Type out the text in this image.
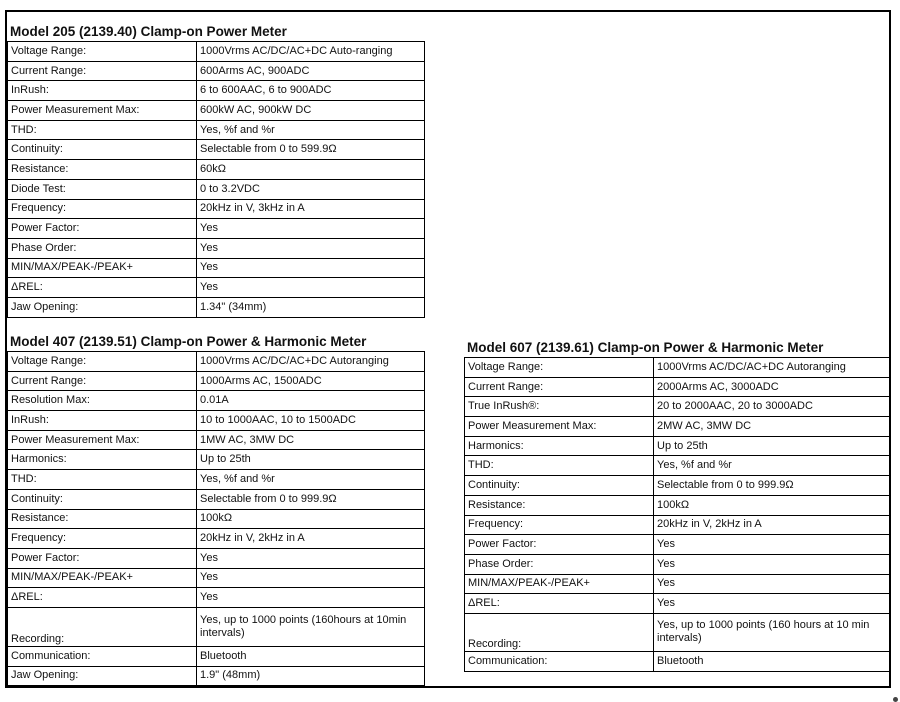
Model 205 (2139.40) Clamp-on Power Meter
Voltage Range:	1000Vrms AC/DC/AC+DC Auto-ranging
Current Range:	600Arms AC, 900ADC
InRush:	6 to 600AAC, 6 to 900ADC
Power Measurement Max:	600kW AC, 900kW DC
THD:	Yes, %f and %r
Continuity:	Selectable from 0 to 599.9Ω
Resistance:	60kΩ
Diode Test:	0 to 3.2VDC
Frequency:	20kHz in V, 3kHz in A
Power Factor:	Yes
Phase Order:	Yes
MIN/MAX/PEAK-/PEAK+	Yes
ΔREL:	Yes
Jaw Opening:	1.34" (34mm)
Model 407 (2139.51) Clamp-on Power & Harmonic Meter
Voltage Range:	1000Vrms AC/DC/AC+DC Autoranging
Current Range:	1000Arms AC, 1500ADC
Resolution Max:	0.01A
InRush:	10 to 1000AAC, 10 to 1500ADC
Power Measurement Max:	1MW AC, 3MW DC
Harmonics:	Up to 25th
THD:	Yes, %f and %r
Continuity:	Selectable from 0 to 999.9Ω
Resistance:	100kΩ
Frequency:	20kHz in V, 2kHz in A
Power Factor:	Yes
MIN/MAX/PEAK-/PEAK+	Yes
ΔREL:	Yes
Recording:	Yes, up to 1000 points (160hours at 10min intervals)
Communication:	Bluetooth
Jaw Opening:	1.9" (48mm)
Model 607 (2139.61) Clamp-on Power & Harmonic Meter
Voltage Range:	1000Vrms AC/DC/AC+DC Autoranging
Current Range:	2000Arms AC, 3000ADC
True InRush®:	20 to 2000AAC, 20 to 3000ADC
Power Measurement Max:	2MW AC, 3MW DC
Harmonics:	Up to 25th
THD:	Yes, %f and %r
Continuity:	Selectable from 0 to 999.9Ω
Resistance:	100kΩ
Frequency:	20kHz in V, 2kHz in A
Power Factor:	Yes
Phase Order:	Yes
MIN/MAX/PEAK-/PEAK+	Yes
ΔREL:	Yes
Recording:	Yes, up to 1000 points (160 hours at 10 min intervals)
Communication:	Bluetooth
